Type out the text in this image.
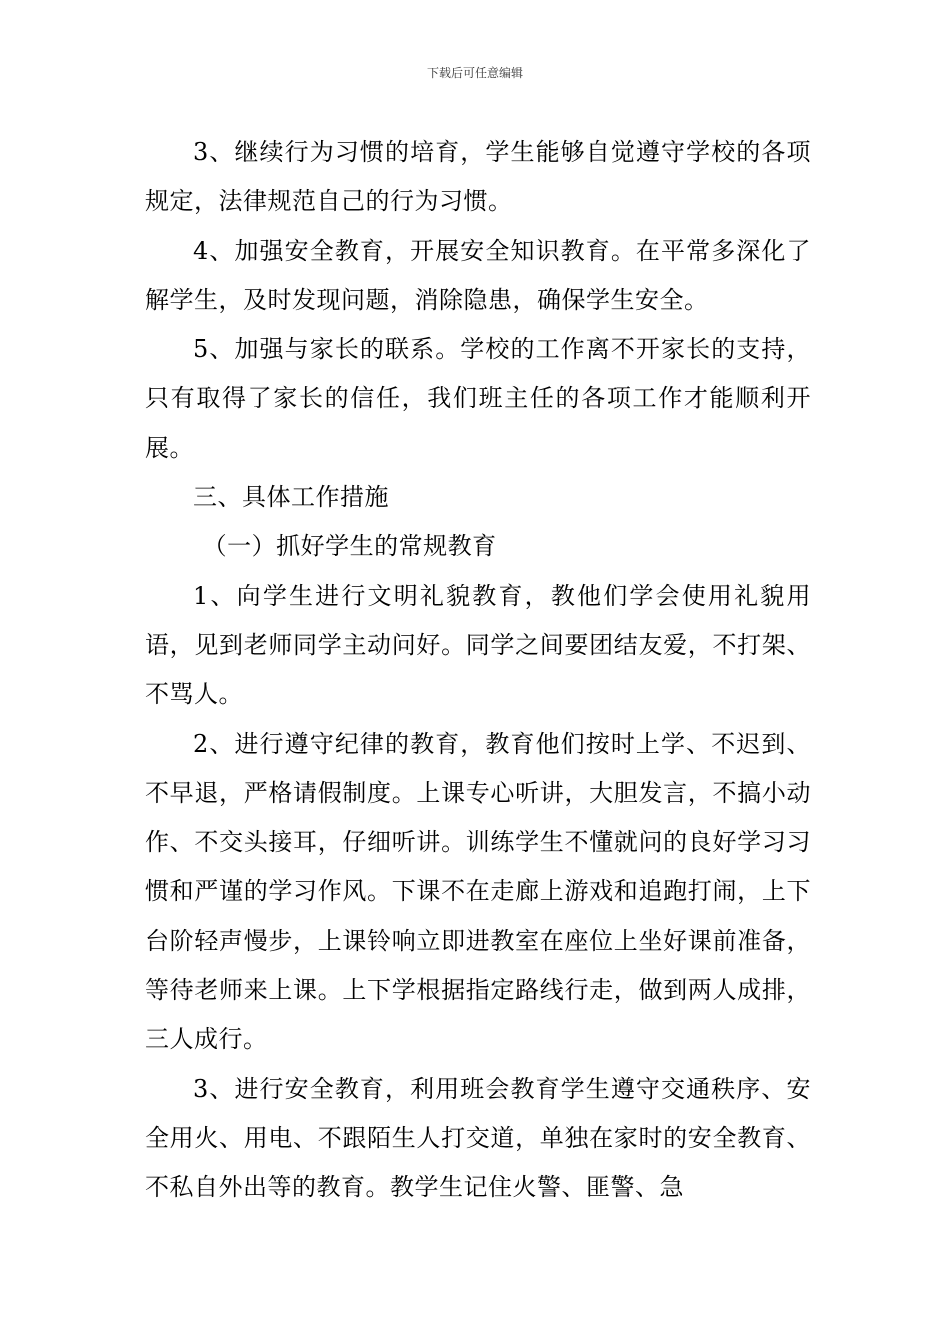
下载后可任意编辑

3、继续行为习惯的培育，学生能够自觉遵守学校的各项规定，法律规范自己的行为习惯。

4、加强安全教育，开展安全知识教育。在平常多深化了解学生，及时发现问题，消除隐患，确保学生安全。

5、加强与家长的联系。学校的工作离不开家长的支持，只有取得了家长的信任，我们班主任的各项工作才能顺利开展。

三、具体工作措施

（一）抓好学生的常规教育

1、向学生进行文明礼貌教育，教他们学会使用礼貌用语，见到老师同学主动问好。同学之间要团结友爱，不打架、不骂人。

2、进行遵守纪律的教育，教育他们按时上学、不迟到、不早退，严格请假制度。上课专心听讲，大胆发言，不搞小动作、不交头接耳，仔细听讲。训练学生不懂就问的良好学习习惯和严谨的学习作风。下课不在走廊上游戏和追跑打闹，上下台阶轻声慢步，上课铃响立即进教室在座位上坐好课前准备，等待老师来上课。上下学根据指定路线行走，做到两人成排，三人成行。

3、进行安全教育，利用班会教育学生遵守交通秩序、安全用火、用电、不跟陌生人打交道，单独在家时的安全教育、不私自外出等的教育。教学生记住火警、匪警、急
